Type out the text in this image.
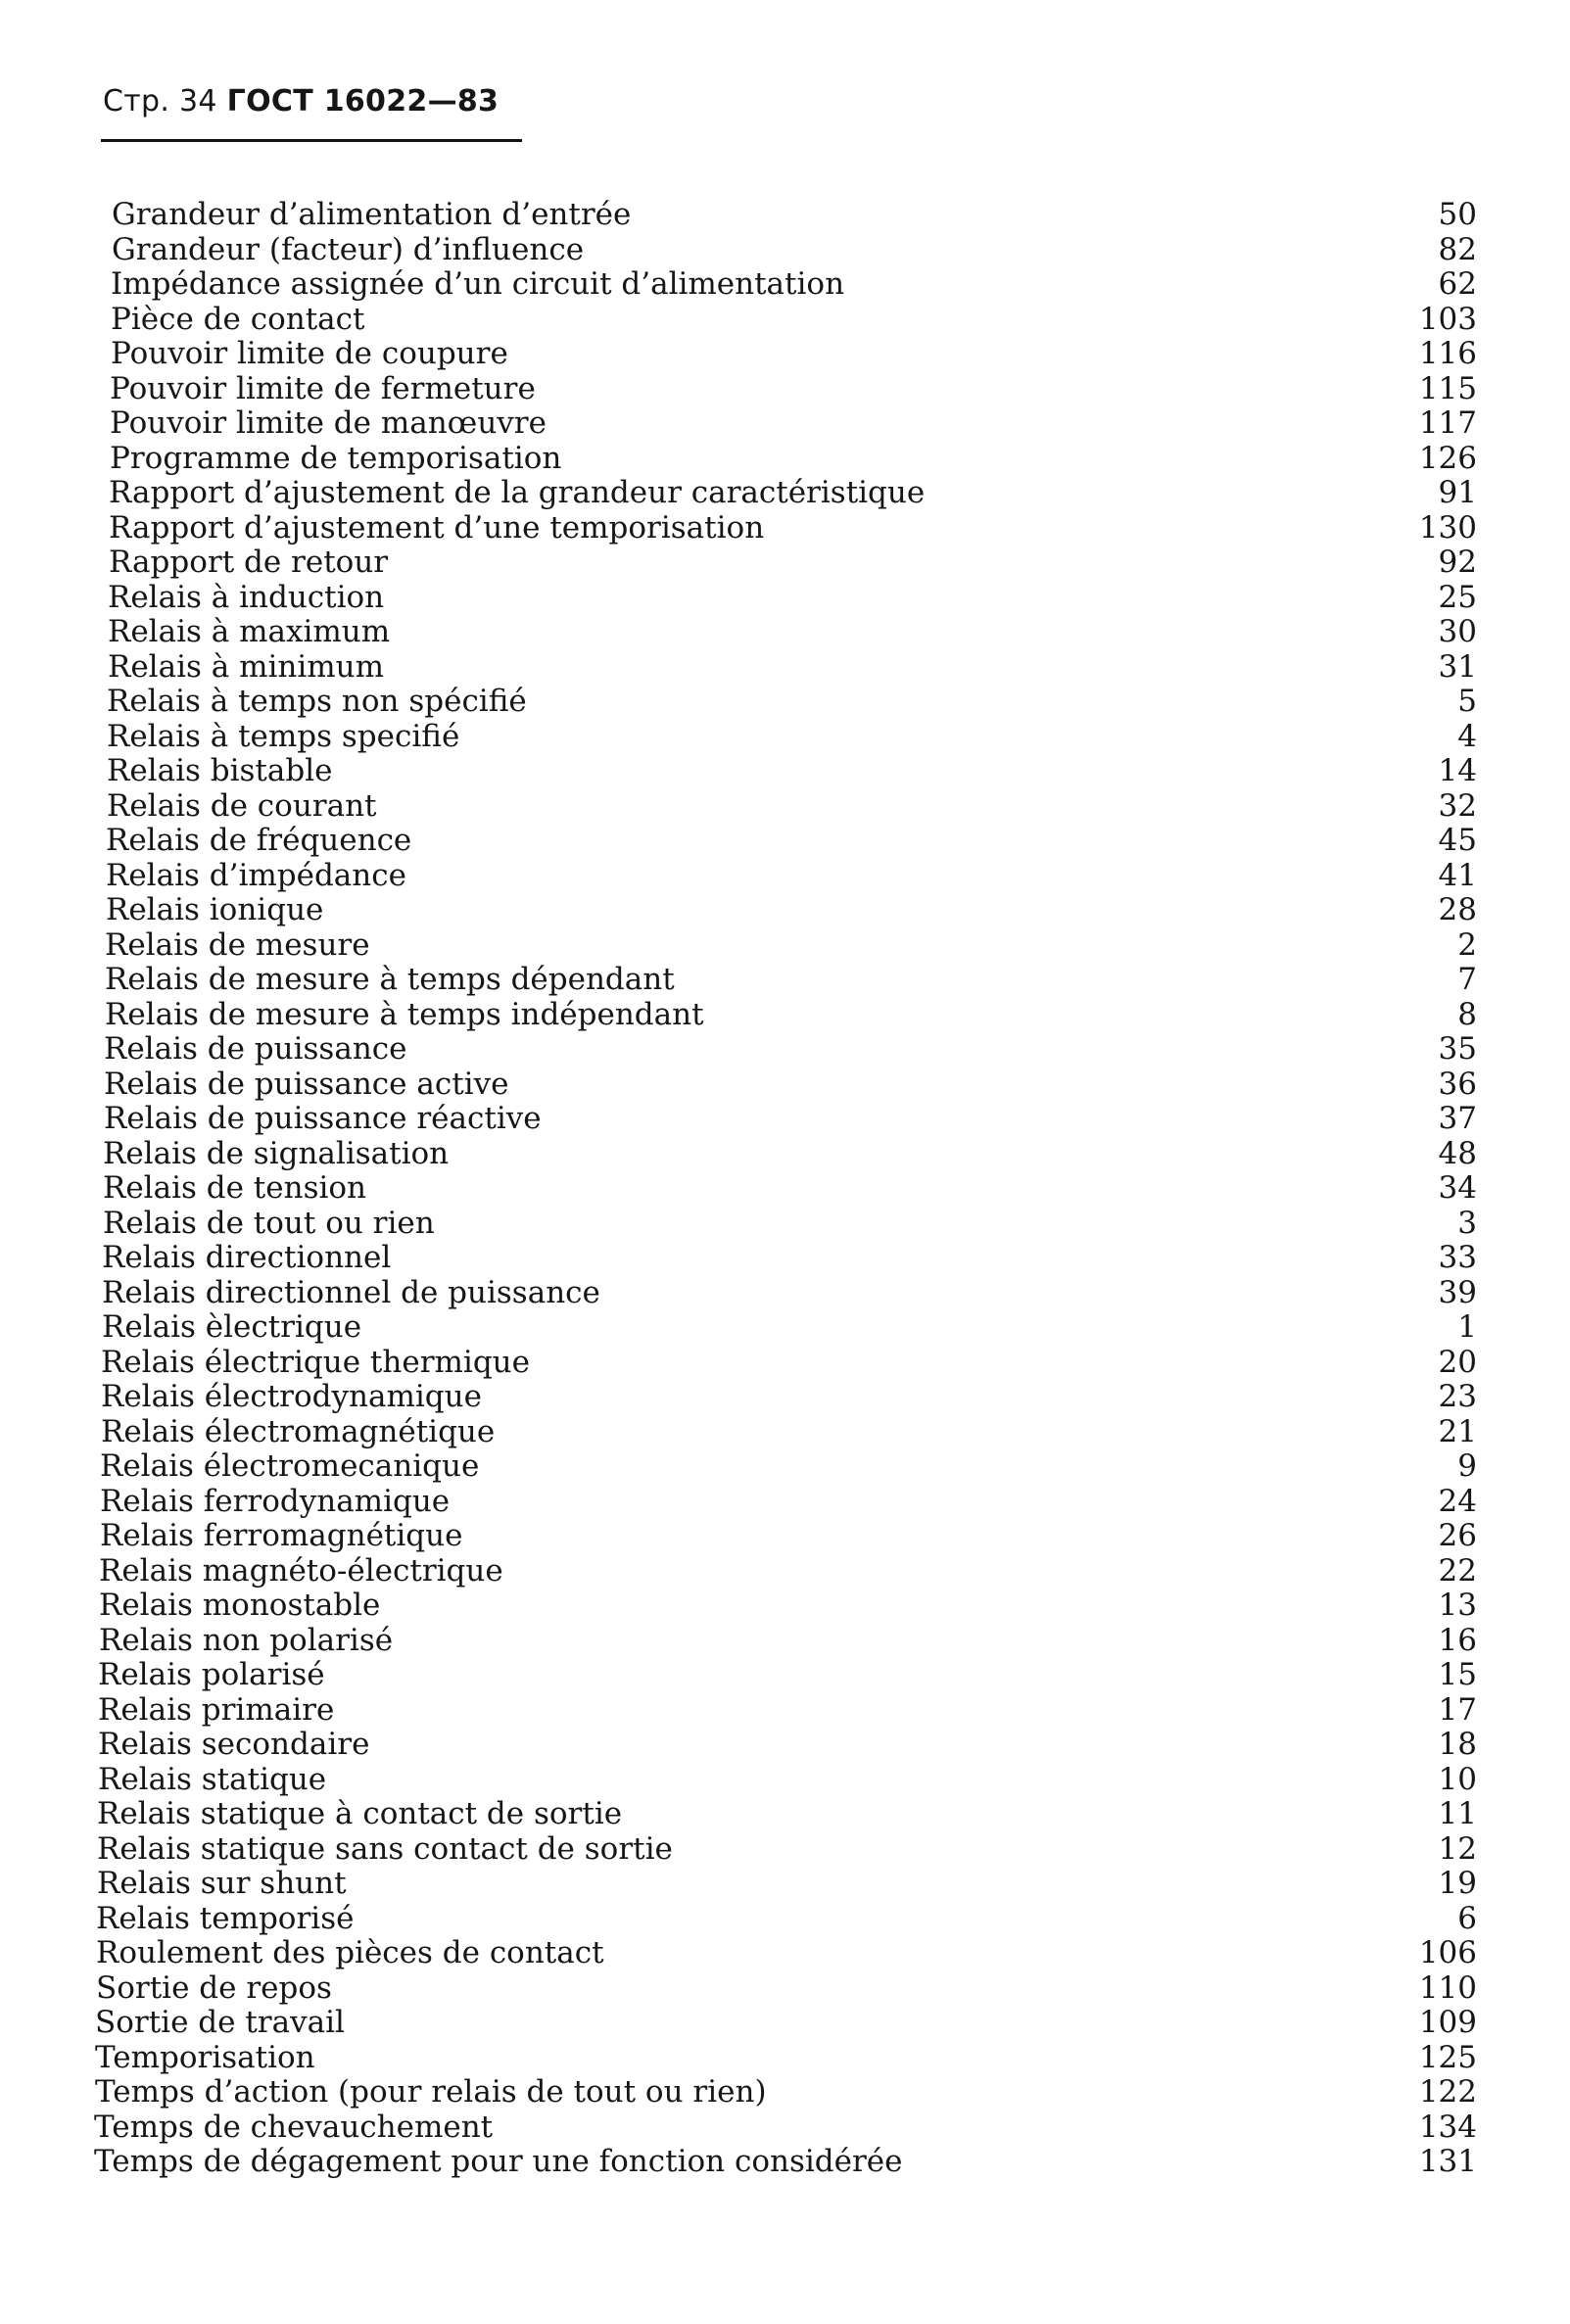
Стр. 34 ГОСТ 16022—83
Grandeur d’alimentation d’entrée	50
Grandeur (facteur) d’influence	82
Impédance assignée d’un circuit d’alimentation	62
Pièce de contact	103
Pouvoir limite de coupure	116
Pouvoir limite de fermeture	115
Pouvoir limite de manœuvre	117
Programme de temporisation	126
Rapport d’ajustement de la grandeur caractéristique	91
Rapport d’ajustement d’une temporisation	130
Rapport de retour	92
Relais à induction	25
Relais à maximum	30
Relais à minimum	31
Relais à temps non spécifié	5
Relais à temps specifié	4
Relais bistable	14
Relais de courant	32
Relais de fréquence	45
Relais d’impédance	41
Relais ionique	28
Relais de mesure	2
Relais de mesure à temps dépendant	7
Relais de mesure à temps indépendant	8
Relais de puissance	35
Relais de puissance active	36
Relais de puissance réactive	37
Relais de signalisation	48
Relais de tension	34
Relais de tout ou rien	3
Relais directionnel	33
Relais directionnel de puissance	39
Relais èlectrique	1
Relais électrique thermique	20
Relais électrodynamique	23
Relais électromagnétique	21
Relais électromecanique	9
Relais ferrodynamique	24
Relais ferromagnétique	26
Relais magnéto-électrique	22
Relais monostable	13
Relais non polarisé	16
Relais polarisé	15
Relais primaire	17
Relais secondaire	18
Relais statique	10
Relais statique à contact de sortie	11
Relais statique sans contact de sortie	12
Relais sur shunt	19
Relais temporisé	6
Roulement des pièces de contact	106
Sortie de repos	110
Sortie de travail	109
Temporisation	125
Temps d’action (pour relais de tout ou rien)	122
Temps de chevauchement	134
Temps de dégagement pour une fonction considérée	131
